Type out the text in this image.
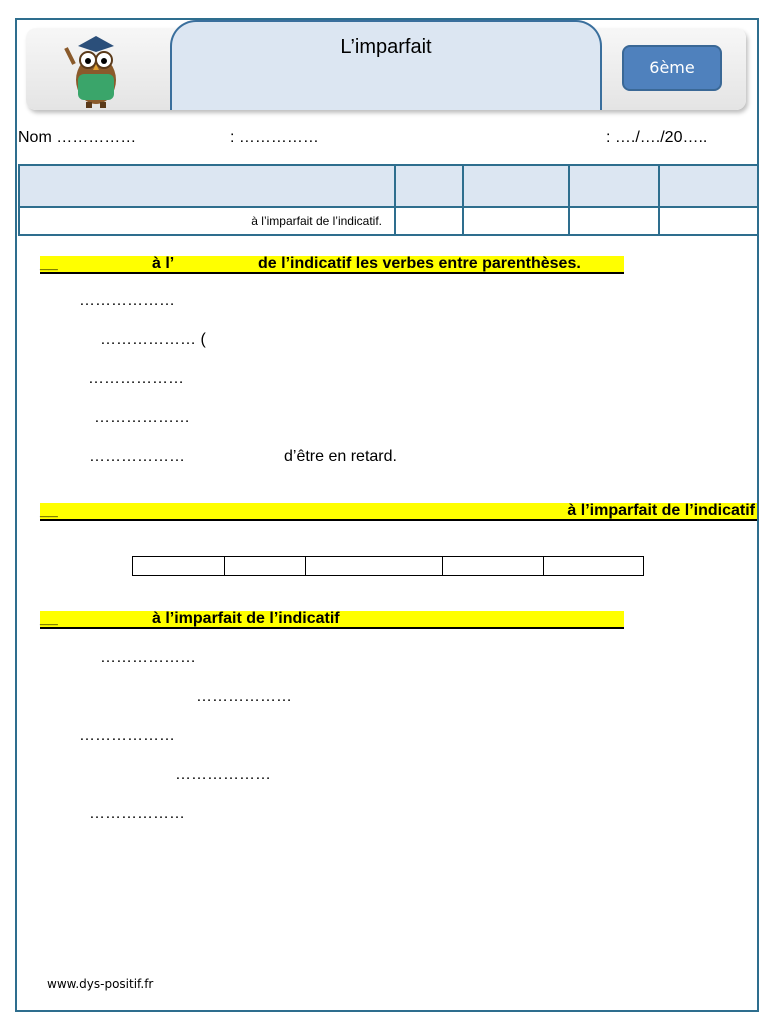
L’imparfait
6ème
Nom ……………	: ……………	: …./…./20…..

à l’imparfait de l’indicatif.				
__	à l’	de l’indicatif les verbes entre parenthèses.
………………
……………… (
………………
………………
………………	d’être en retard.
__	à l’imparfait de l’indicatif

__	à l’imparfait de l’indicatif
………………
………………
………………
………………
………………
www.dys-positif.fr
